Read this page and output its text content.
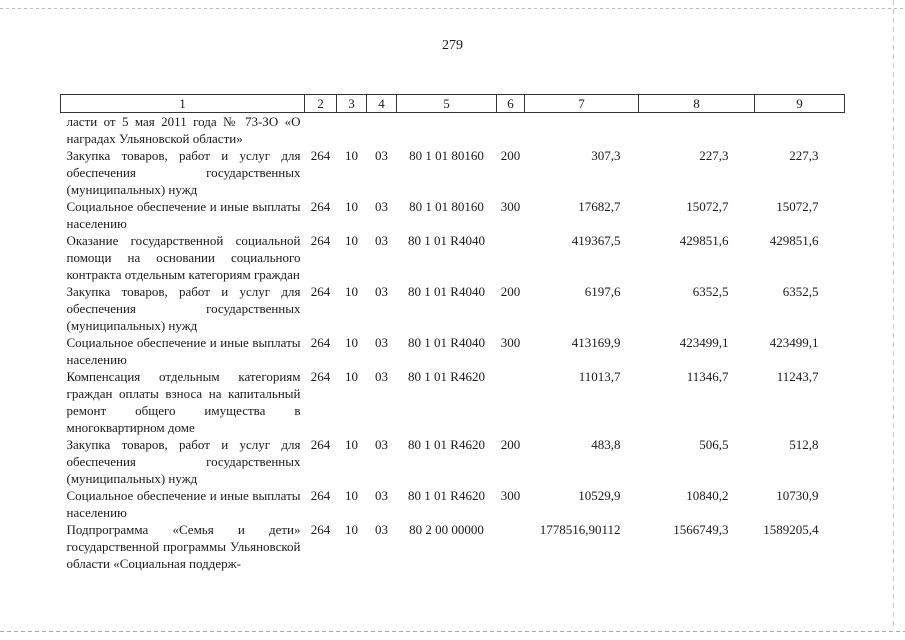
279
1	2	3	4	5	6	7	8	9
ласти от 5 мая 2011 года № 73-ЗО «О наградах Ульяновской области»								
Закупка товаров, работ и услуг для обеспечения государственных (муниципальных) нужд	264	10	03	80 1 01 80160	200	307,3	227,3	227,3
Социальное обеспечение и иные выплаты населению	264	10	03	80 1 01 80160	300	17682,7	15072,7	15072,7
Оказание государственной социальной помощи на основании социального контракта отдельным категориям граждан	264	10	03	80 1 01 R4040		419367,5	429851,6	429851,6
Закупка товаров, работ и услуг для обеспечения государственных (муниципальных) нужд	264	10	03	80 1 01 R4040	200	6197,6	6352,5	6352,5
Социальное обеспечение и иные выплаты населению	264	10	03	80 1 01 R4040	300	413169,9	423499,1	423499,1
Компенсация отдельным категориям граждан оплаты взноса на капитальный ремонт общего имущества в многоквартирном доме	264	10	03	80 1 01 R4620		11013,7	11346,7	11243,7
Закупка товаров, работ и услуг для обеспечения государственных (муниципальных) нужд	264	10	03	80 1 01 R4620	200	483,8	506,5	512,8
Социальное обеспечение и иные выплаты населению	264	10	03	80 1 01 R4620	300	10529,9	10840,2	10730,9
Подпрограмма «Семья и дети» государственной программы Ульяновской области «Социальная поддерж-	264	10	03	80 2 00 00000		1778516,90112	1566749,3	1589205,4
